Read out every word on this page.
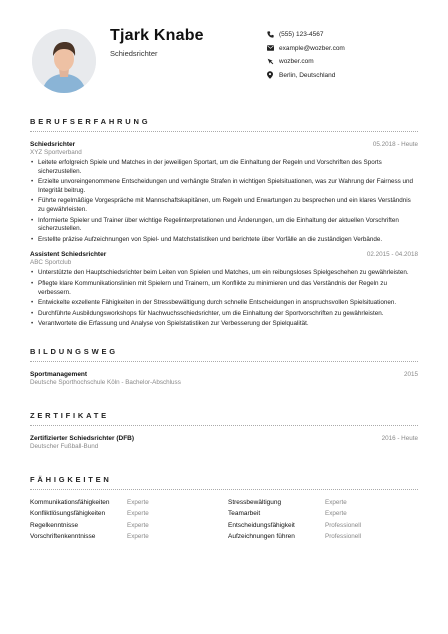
Tjark Knabe
Schiedsrichter
(555) 123-4567
example@wozber.com
wozber.com
Berlin, Deutschland
BERUFSERFAHRUNG
Schiedsrichter	05.2018 - Heute
XYZ Sportverband
• Leitete erfolgreich Spiele und Matches in der jeweiligen Sportart, um die Einhaltung der Regeln und Vorschriften des Sports sicherzustellen.
• Erzielte unvoreingenommene Entscheidungen und verhängte Strafen in wichtigen Spielsituationen, was zur Wahrung der Fairness und Integrität beitrug.
• Führte regelmäßige Vorgespräche mit Mannschaftskapitänen, um Regeln und Erwartungen zu besprechen und ein klares Verständnis zu gewährleisten.
• Informierte Spieler und Trainer über wichtige Regelinterpretationen und Änderungen, um die Einhaltung der aktuellen Vorschriften sicherzustellen.
• Erstellte präzise Aufzeichnungen von Spiel- und Matchstatistiken und berichtete über Vorfälle an die zuständigen Verbände.
Assistent Schiedsrichter	02.2015 - 04.2018
ABC Sportclub
• Unterstützte den Hauptschiedsrichter beim Leiten von Spielen und Matches, um ein reibungsloses Spielgeschehen zu gewährleisten.
• Pflegte klare Kommunikationslinien mit Spielern und Trainern, um Konflikte zu minimieren und das Verständnis der Regeln zu verbessern.
• Entwickelte exzellente Fähigkeiten in der Stressbewältigung durch schnelle Entscheidungen in anspruchsvollen Spielsituationen.
• Durchführte Ausbildungsworkshops für Nachwuchsschiedsrichter, um die Einhaltung der Sportvorschriften zu gewährleisten.
• Verantwortete die Erfassung und Analyse von Spielstatistiken zur Verbesserung der Spielqualität.
BILDUNGSWEG
Sportmanagement	2015
Deutsche Sporthochschule Köln - Bachelor-Abschluss
ZERTIFIKATE
Zertifizierter Schiedsrichter (DFB)	2016 - Heute
Deutscher Fußball-Bund
FÄHIGKEITEN
Kommunikationsfähigkeiten	Experte	Stressbewältigung	Experte
Konfliktlösungsfähigkeiten	Experte	Teamarbeit	Experte
Regelkenntnisse	Experte	Entscheidungsfähigkeit	Professionell
Vorschriftenkenntnisse	Experte	Aufzeichnungen führen	Professionell
